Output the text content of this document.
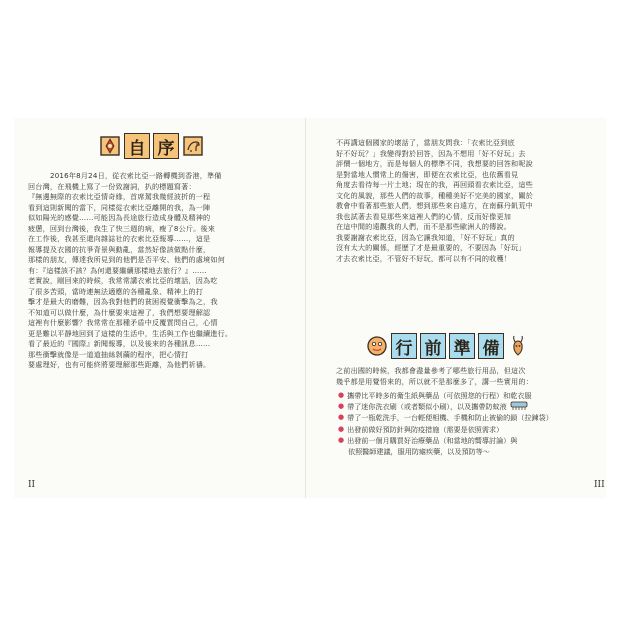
自 序

2016年8月24日，從衣索比亞一路轉機到香港，準備

回台灣，在飛機上寫了一份致謝詞，扒的標題寫著：

『無邊無際的衣索比亞情奇緣，首席駕我幾經波折的一程

看到這則新聞的當下，同樣從衣索比亞離開的我，為一陣

似如陽光的感覺……可能因為長途旅行造成身體及精神的

疲憊，回到台灣後，我生了快三週的病，瘦了8公斤。後來

在工作後，我甚至還向雜誌社的衣索比亞報導……，這是

報導提及衣國的抗爭背景與動亂，當然好像該做點什麼，

那樣的朋友，傳達我所見到的他們是否平安、他們的處境如何

有：『這樣該不該？為何還要繼續那樣地去旅行？』……

老實說，剛回來的時候，我常常講衣索比亞的壞話，因為吃

了很多苦頭，當時連無法適應的各種亂象、精神上的打

擊才是最大的磨難，因為我對他們的貧困視覺衝擊為之，我

不知道可以做什麼，為什麼要來這裡了，我們想要理解認

這裡有什麼影響？我常常在那種矛盾中反覆質問自己，心情

更是難以平靜地回到了這樣的生活中，生活與工作也繼續進行。

看了最近的『國際』新聞報導，以及後來的各種訊息……

那些衝擊就像是一道道抽絲剝繭的程序，把心情打

要處理好，也有可能終將要理解那些距離，為他們祈禱。

II

不再講這個國家的壞話了，當朋友問我：「衣索比亞到底

好不好玩？」我變得對於回答，因為不想用「好不好玩」去

評價一個地方，而是每個人的標準不同，我想要的回答和呢說

是對當地人慣常上的傷害，即便在衣索比亞，也依舊看見

角度去看待每一片土地；現在的我，再回頭看衣索比亞，這些

文化的風貌，那些人們的故事，種種美好不完美的國家，關於

教會中看著那些旅人們，想到那些來自遠方，在南蘇丹飢荒中

我也試著去看見那些來這裡人們的心情，反而好像更加

在這中間的遠觀我的人們，而不是那些歐洲人的傳說。

我要謝謝衣索比亞，因為它讓我知道，「好不好玩」真的

沒有太大的關係，經歷了才是最重要的，不要因為「好玩」

才去衣索比亞，不管好不好玩，都可以有不同的收穫！

行 前 準 備

之前出國的時候，我都會盡量參考了哪些旅行用品，但這次

幾乎都是用覺悟來的，所以就不是那麼多了，講一些實用的：

● 攜帶比平時多的衛生紙與藥品（可依照您的行程）和乾衣服
● 帶了迷你洗衣刷（或者類似小刷），以及攜帶防蚊液
● 帶了一瓶乾洗手，一台輕便相機、手機和防止被偷的鎖（拉鍊袋）
● 出發前做好預防針與防疫措施（需要是依照需求）
● 出發前一個月購買好治療藥品（和當地的嚮導討論）與
依照醫師建議，服用防瘧疾藥，以及預防等～
III
